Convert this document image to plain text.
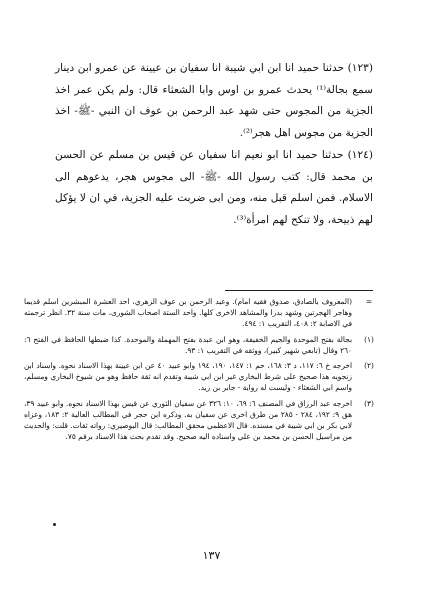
(١٢٣) حدثنا حميد انا ابن ابي شيبة انا سفيان بن عيينة عن عمرو ابن دينار سمع بجالة⁽¹⁾ يحدث عمرو بن اوس وابا الشعثاء قال: ولم يكن عمر اخذ الجزية من المجوس حتى شهد عبد الرحمن بن عوف ان النبي -ﷺ- اخذ الجزية من مجوس اهل هجر⁽²⁾.

(١٢٤) حدثنا حميد انا ابو نعيم انا سفيان عن قيس بن مسلم عن الحسن بن محمد قال: كتب رسول الله -ﷺ- الى مجوس هجر، يدعوهم الى الاسلام. فمن اسلم قبل منه، ومن ابى ضربت عليه الجزية، في ان لا يؤكل لهم ذبيحة، ولا تنكح لهم امرأة⁽³⁾.

=
(المعروف بالصادق، صدوق فقيه امام). وعبد الرحمن بن عوف الزهري، احد العشرة المبشرين اسلم قديما وهاجر الهجرتين وشهد بدرا والمشاهد الاخرى كلها. واحد الستة اصحاب الشورى، مات سنة ٣٢. انظر ترجمته في الاصابة ٢: ٤٠٨، التقريب ١: ٤٩٤.
(١)
بجالة بفتح الموحدة والجيم الخفيفة، وهو ابن عبدة بفتح المهملة والموحدة. كذا ضبطها الحافظ في الفتح ٦: ٢٦٠ وقال (تابعي شهير كبير)، ووثقه في التقريب ١: ٩٣.
(٢)
اخرجه خ ٦: ١١٧، د ٣: ١٦٨، حم ١: ١٤٧، ١٩٠، ١٩٤ وابو عبيد ٤٠ عن ابن عيينة بهذا الاسناد نحوه. واسناد ابن زنجويه هذا صحيح على شرط البخاري غير ابن ابي شيبة وتقدم انه ثقة حافظ وهو من شيوخ البخاري ومسلم، واسم ابي الشعثاء - وليست له رواية - جابر بن زيد.
(٣)
اخرجه عبد الرزاق في المصنف ٦: ٦٩، ١٠: ٣٢٦ عن سفيان الثوري عن قيس بهذا الاسناد نحوه. وابو عبيد ٣٩، هق ٩: ١٩٢، ٢٨٤ - ٢٨٥ من طرق اخرى عن سفيان به. وذكره ابن حجر في المطالب العالية ٢: ١٨٣، وعزاه لابي بكر بن ابي شيبة في مسنده. قال الاعظمي محقق المطالب: قال البوصيري: رواته ثقات. قلت: والحديث من مراسيل الحسن بن محمد بن علي واسناده اليه صحيح. وقد تقدم بحث هذا الاسناد برقم ٧٥.
١٣٧
